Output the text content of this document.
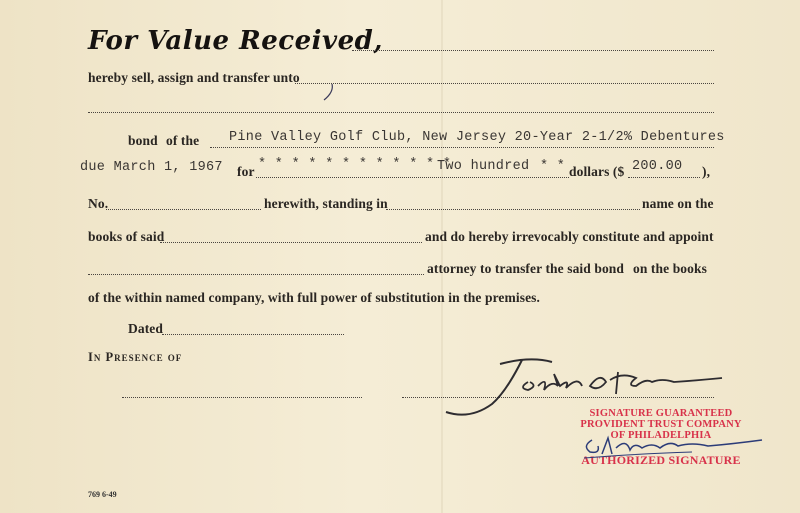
For Value Received,
hereby sell, assign and transfer unto
bond of the Pine Valley Golf Club, New Jersey 20-Year 2-1/2% Debentures
due March 1, 1967 for * * * * * * * * * * * *
Two hundred * * dollars ($ 200.00 ),
No.	herewith, standing in	name on the
books of said	and do hereby irrevocably constitute and appoint
attorney to transfer the said bond on the books
of the within named company, with full power of substitution in the premises.
Dated
In Presence of
SIGNATURE GUARANTEED
PROVIDENT TRUST COMPANY
OF PHILADELPHIA
AUTHORIZED SIGNATURE
769 6-49
